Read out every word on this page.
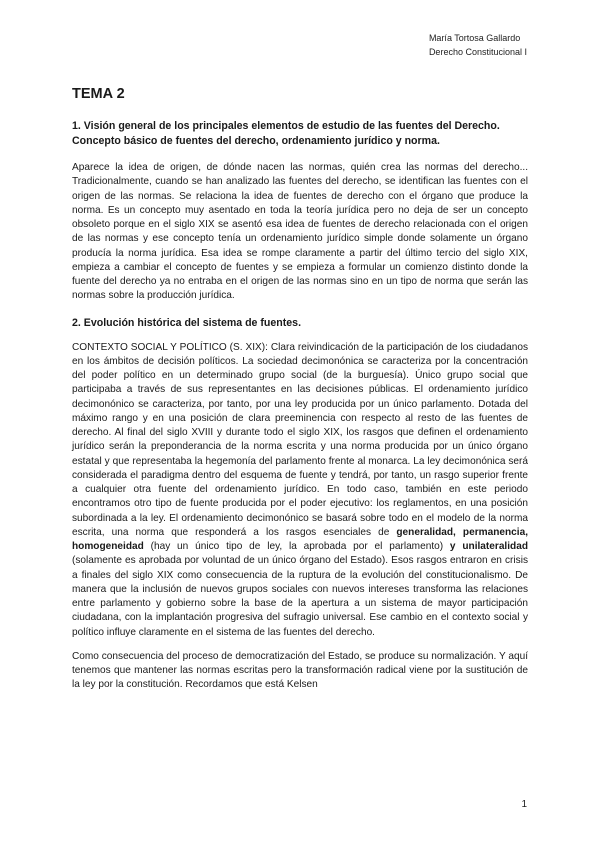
María Tortosa Gallardo
Derecho Constitucional I
TEMA 2
1. Visión general de los principales elementos de estudio de las fuentes del Derecho. Concepto básico de fuentes del derecho, ordenamiento jurídico y norma.

Aparece la idea de origen, de dónde nacen las normas, quién crea las normas del derecho... Tradicionalmente, cuando se han analizado las fuentes del derecho, se identifican las fuentes con el origen de las normas. Se relaciona la idea de fuentes de derecho con el órgano que produce la norma. Es un concepto muy asentado en toda la teoría jurídica pero no deja de ser un concepto obsoleto porque en el siglo XIX se asentó esa idea de fuentes de derecho relacionada con el origen de las normas y ese concepto tenía un ordenamiento jurídico simple donde solamente un órgano producía la norma jurídica. Esa idea se rompe claramente a partir del último tercio del siglo XIX, empieza a cambiar el concepto de fuentes y se empieza a formular un comienzo distinto donde la fuente del derecho ya no entraba en el origen de las normas sino en un tipo de norma que serán las normas sobre la producción jurídica.

2. Evolución histórica del sistema de fuentes.

CONTEXTO SOCIAL Y POLÍTICO (S. XIX): Clara reivindicación de la participación de los ciudadanos en los ámbitos de decisión políticos. La sociedad decimonónica se caracteriza por la concentración del poder político en un determinado grupo social (de la burguesía). Único grupo social que participaba a través de sus representantes en las decisiones públicas. El ordenamiento jurídico decimonónico se caracteriza, por tanto, por una ley producida por un único parlamento. Dotada del máximo rango y en una posición de clara preeminencia con respecto al resto de las fuentes de derecho. Al final del siglo XVIII y durante todo el siglo XIX, los rasgos que definen el ordenamiento jurídico serán la preponderancia de la norma escrita y una norma producida por un único órgano estatal y que representaba la hegemonía del parlamento frente al monarca. La ley decimonónica será considerada el paradigma dentro del esquema de fuente y tendrá, por tanto, un rasgo superior frente a cualquier otra fuente del ordenamiento jurídico. En todo caso, también en este periodo encontramos otro tipo de fuente producida por el poder ejecutivo: los reglamentos, en una posición subordinada a la ley. El ordenamiento decimonónico se basará sobre todo en el modelo de la norma escrita, una norma que responderá a los rasgos esenciales de generalidad, permanencia, homogeneidad (hay un único tipo de ley, la aprobada por el parlamento) y unilateralidad (solamente es aprobada por voluntad de un único órgano del Estado). Esos rasgos entraron en crisis a finales del siglo XIX como consecuencia de la ruptura de la evolución del constitucionalismo. De manera que la inclusión de nuevos grupos sociales con nuevos intereses transforma las relaciones entre parlamento y gobierno sobre la base de la apertura a un sistema de mayor participación ciudadana, con la implantación progresiva del sufragio universal. Ese cambio en el contexto social y político influye claramente en el sistema de las fuentes del derecho.

Como consecuencia del proceso de democratización del Estado, se produce su normalización. Y aquí tenemos que mantener las normas escritas pero la transformación radical viene por la sustitución de la ley por la constitución. Recordamos que está Kelsen

1
